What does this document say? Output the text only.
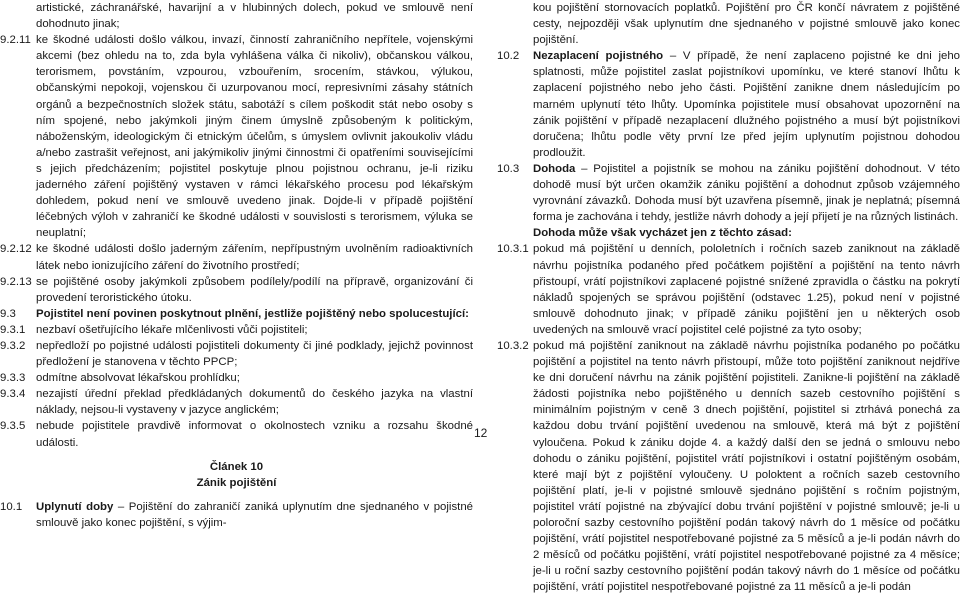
artistické, záchranářské, havarijní a v hlubinných dolech, pokud ve smlouvě není dohodnuto jinak;
9.2.11 ke škodné události došlo válkou, invazí, činností zahraničního nepřítele, vojenskými akcemi (bez ohledu na to, zda byla vyhlášena válka či nikoliv), občanskou válkou, terorismem, povstáním, vzpourou, vzbouřením, srocením, stávkou, výlukou, občanskými nepokoji, vojenskou či uzurpovanou mocí, represivními zásahy státních orgánů a bezpečnostních složek státu, sabotáží s cílem poškodit stát nebo osoby s ním spojené, nebo jakýmkoli jiným činem úmyslně způsobeným k politickým, náboženským, ideologickým či etnickým účelům, s úmyslem ovlivnit jakoukoliv vládu a/nebo zastrašit veřejnost, ani jakýmikoliv jinými činnostmi či opatřeními souvisejícími s jejich předcházením; pojistitel poskytuje plnou pojistnou ochranu, je-li riziku jaderného záření pojištěný vystaven v rámci lékařského procesu pod lékařským dohledem, pokud není ve smlouvě uvedeno jinak. Dojde-li v případě pojištění léčebných výloh v zahraničí ke škodné události v souvislosti s terorismem, výluka se neuplatní;
9.2.12 ke škodné události došlo jaderným zářením, nepřípustným uvolněním radioaktivních látek nebo ionizujícího záření do životního prostředí;
9.2.13 se pojištěné osoby jakýmkoli způsobem podílely/podílí na přípravě, organizování či provedení teroristického útoku.
9.3	Pojistitel není povinen poskytnout plnění, jestliže pojištěný nebo spolucestující:
9.3.1 nezbaví ošetřujícího lékaře mlčenlivosti vůči pojistiteli;
9.3.2 nepředloží po pojistné události pojistiteli dokumenty či jiné podklady, jejichž povinnost předložení je stanovena v těchto PPCP;
9.3.3 odmítne absolvovat lékařskou prohlídku;
9.3.4 nezajistí úřední překlad předkládaných dokumentů do českého jazyka na vlastní náklady, nejsou-li vystaveny v jazyce anglickém;
9.3.5 nebude pojistitele pravdivě informovat o okolnostech vzniku a rozsahu škodné události.
Článek 10
Zánik pojištění
10.1	Uplynutí doby – Pojištění do zahraničí zaniká uplynutím dne sjednaného v pojistné smlouvě jako konec pojištění, s výjim-
kou pojištění stornovacích poplatků. Pojištění pro ČR končí návratem z pojištěné cesty, nejpozději však uplynutím dne sjednaného v pojistné smlouvě jako konec pojištění.
10.2	Nezaplacení pojistného – V případě, že není zaplaceno pojistné ke dni jeho splatnosti, může pojistitel zaslat pojistníkovi upomínku, ve které stanoví lhůtu k zaplacení pojistného nebo jeho části. Pojištění zanikne dnem následujícím po marném uplynutí této lhůty. Upomínka pojistitele musí obsahovat upozornění na zánik pojištění v případě nezaplacení dlužného pojistného a musí být pojistníkovi doručena; lhůtu podle věty první lze před jejím uplynutím pojistnou dohodou prodloužit.
10.3	Dohoda – Pojistitel a pojistník se mohou na zániku pojištění dohodnout. V této dohodě musí být určen okamžik zániku pojištění a dohodnut způsob vzájemného vyrovnání závazků. Dohoda musí být uzavřena písemně, jinak je neplatná; písemná forma je zachována i tehdy, jestliže návrh dohody a její přijetí je na různých listinách.
Dohoda může však vycházet jen z těchto zásad:
10.3.1 pokud má pojištění u denních, pololetních i ročních sazeb zaniknout na základě návrhu pojistníka podaného před počátkem pojištění a pojištění na tento návrh přistoupí, vrátí pojistníkovi zaplacené pojistné snížené zpravidla o částku na pokrytí nákladů spojených se správou pojištění (odstavec 1.25), pokud není v pojistné smlouvě dohodnuto jinak; v případě zániku pojištění jen u některých osob uvedených na smlouvě vrací pojistitel celé pojistné za tyto osoby;
10.3.2 pokud má pojištění zaniknout na základě návrhu pojistníka podaného po počátku pojištění a pojistitel na tento návrh přistoupí, může toto pojištění zaniknout nejdříve ke dni doručení návrhu na zánik pojištění pojistiteli. Zaniknе-li pojištění na základě žádosti pojistníka nebo pojištěného u denních sazeb cestovního pojištění s minimálním pojistným v ceně 3 dnech pojištění, pojistitel si ztrhává ponechá za každou dobu trvání pojištění uvedenou na smlouvě, která má být z pojištění vyloučena. Pokud k zániku dojde 4. a každý další den se jedná o smlouvu nebo dohodu o zániku pojištění, pojistitel vrátí pojistníkovi i ostatní pojištěným osobám, které mají být z pojištění vyloučeny. U poloktent a ročních sazeb cestovního pojištění platí, je-li v pojistné smlouvě sjednáno pojištění s ročním pojistným, pojistitel vrátí pojistné na zbývající dobu trvání pojištění v pojistné smlouvě; je-li u poloroční sazby cestovního pojištění podán takový návrh do 1 měsíce od počátku pojištění, vrátí pojistitel nespotřebované pojistné za 5 měsíců a je-li podán návrh do 2 měsíců od počátku pojištění, vrátí pojistitel nespotřebované pojistné za 4 měsíce; je-li u roční sazby cestovního pojištění podán takový návrh do 1 měsíce od počátku pojištění, vrátí pojistitel nespotřebované pojistné za 11 měsíců a je-li podán
12
